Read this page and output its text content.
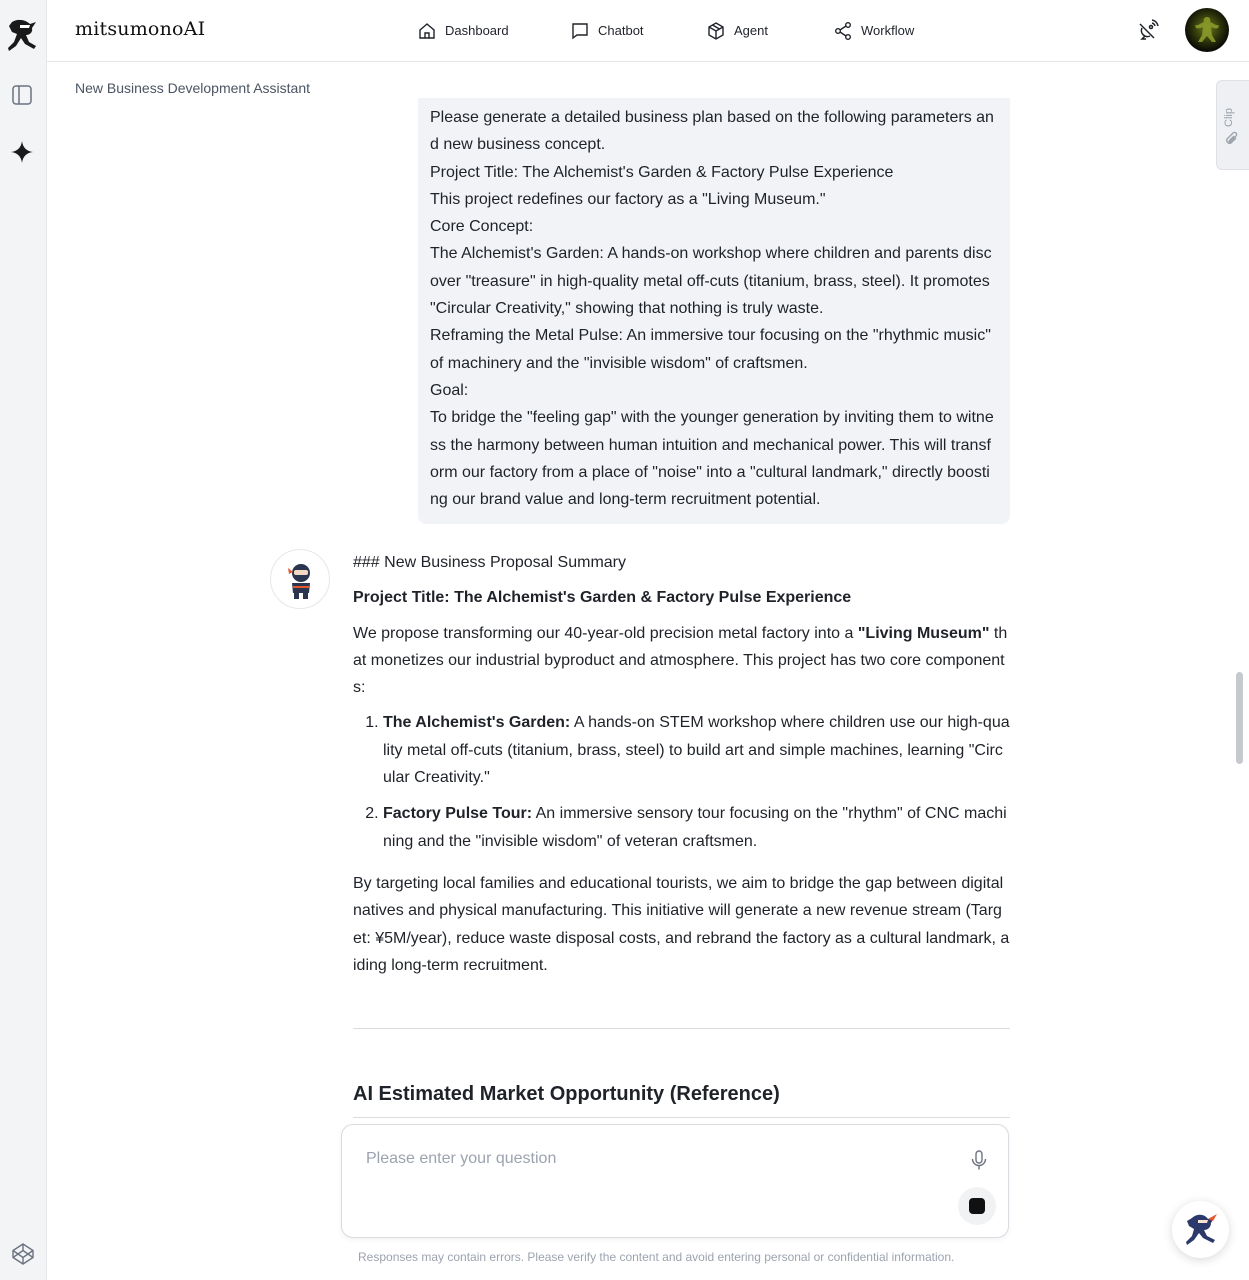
mitsumonoAI	Dashboard	Chatbot	Agent	Workflow
New Business Development Assistant
Clip

Please generate a detailed business plan based on the following parameters and new business concept.

Project Title: The Alchemist's Garden & Factory Pulse Experience

This project redefines our factory as a "Living Museum."

Core Concept:

The Alchemist's Garden: A hands-on workshop where children and parents discover "treasure" in high-quality metal off-cuts (titanium, brass, steel). It promotes "Circular Creativity," showing that nothing is truly waste.

Reframing the Metal Pulse: An immersive tour focusing on the "rhythmic music" of machinery and the "invisible wisdom" of craftsmen.

Goal:

To bridge the "feeling gap" with the younger generation by inviting them to witness the harmony between human intuition and mechanical power. This will transform our factory from a place of "noise" into a "cultural landmark," directly boosting our brand value and long-term recruitment potential.

### New Business Proposal Summary

Project Title: The Alchemist's Garden & Factory Pulse Experience

We propose transforming our 40-year-old precision metal factory into a "Living Museum" that monetizes our industrial byproduct and atmosphere. This project has two core components:

1. The Alchemist's Garden: A hands-on STEM workshop where children use our high-quality metal off-cuts (titanium, brass, steel) to build art and simple machines, learning "Circular Creativity."
2. Factory Pulse Tour: An immersive sensory tour focusing on the "rhythm" of CNC machining and the "invisible wisdom" of veteran craftsmen.

By targeting local families and educational tourists, we aim to bridge the gap between digital natives and physical manufacturing. This initiative will generate a new revenue stream (Target: ¥5M/year), reduce waste disposal costs, and rebrand the factory as a cultural landmark, aiding long-term recruitment.

AI Estimated Market Opportunity (Reference)

Please enter your question
Responses may contain errors. Please verify the content and avoid entering personal or confidential information.
